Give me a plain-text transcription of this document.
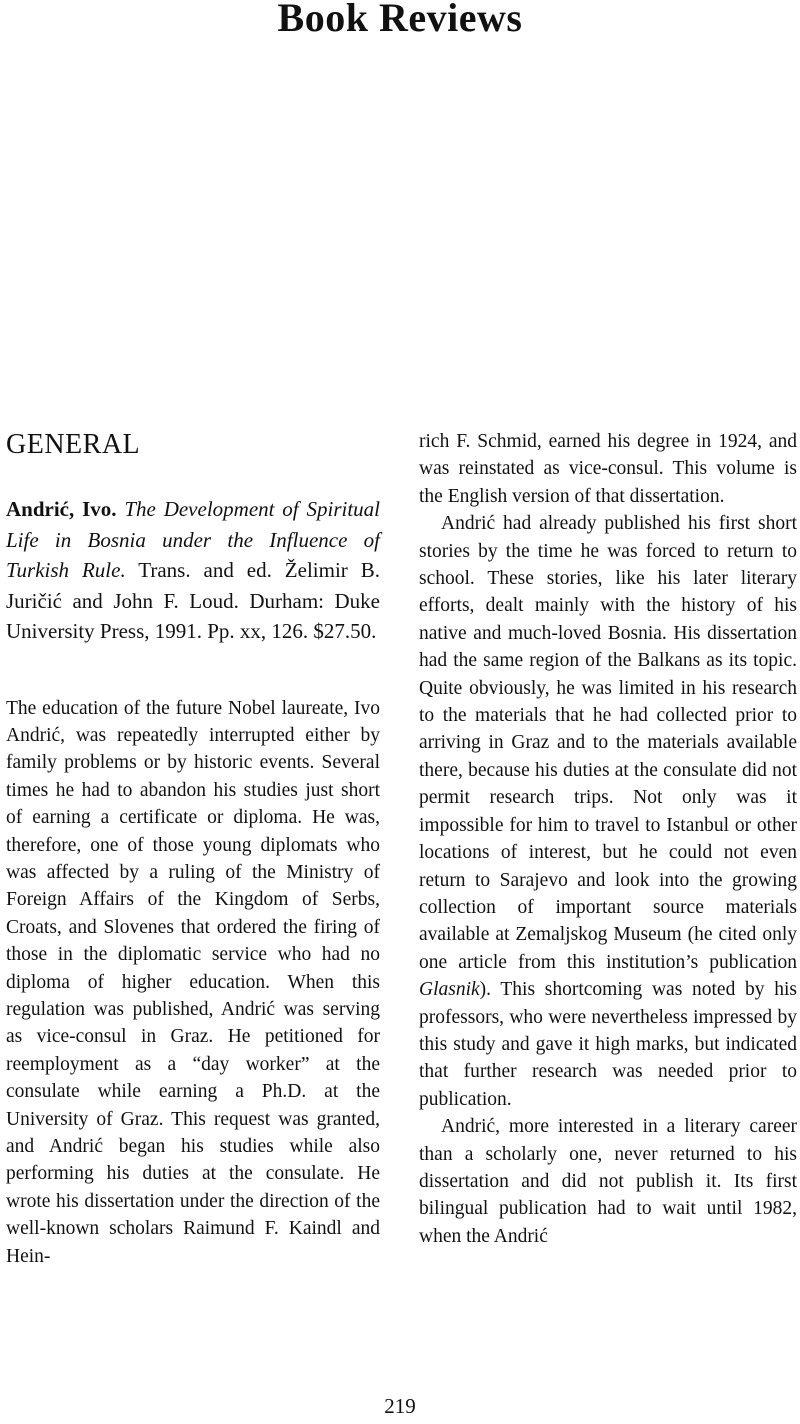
Book Reviews
GENERAL

Andrić, Ivo. The Development of Spiritual Life in Bosnia under the Influence of Turkish Rule. Trans. and ed. Želimir B. Juričić and John F. Loud. Durham: Duke University Press, 1991. Pp. xx, 126. $27.50.

The education of the future Nobel laureate, Ivo Andrić, was repeatedly interrupted either by family problems or by historic events. Several times he had to abandon his studies just short of earning a certificate or diploma. He was, therefore, one of those young diplomats who was affected by a ruling of the Ministry of Foreign Affairs of the Kingdom of Serbs, Croats, and Slovenes that ordered the firing of those in the diplomatic service who had no diploma of higher education. When this regulation was published, Andrić was serving as vice-consul in Graz. He petitioned for reemployment as a “day worker” at the consulate while earning a Ph.D. at the University of Graz. This request was granted, and Andrić began his studies while also performing his duties at the consulate. He wrote his dissertation under the direction of the well-known scholars Raimund F. Kaindl and Hein-

rich F. Schmid, earned his degree in 1924, and was reinstated as vice-consul. This volume is the English version of that dissertation.

Andrić had already published his first short stories by the time he was forced to return to school. These stories, like his later literary efforts, dealt mainly with the history of his native and much-loved Bosnia. His dissertation had the same region of the Balkans as its topic. Quite obviously, he was limited in his research to the materials that he had collected prior to arriving in Graz and to the materials available there, because his duties at the consulate did not permit research trips. Not only was it impossible for him to travel to Istanbul or other locations of interest, but he could not even return to Sarajevo and look into the growing collection of important source materials available at Zemaljskog Museum (he cited only one article from this institution’s publication Glasnik). This shortcoming was noted by his professors, who were nevertheless impressed by this study and gave it high marks, but indicated that further research was needed prior to publication.

Andrić, more interested in a literary career than a scholarly one, never returned to his dissertation and did not publish it. Its first bilingual publication had to wait until 1982, when the Andrić

219
